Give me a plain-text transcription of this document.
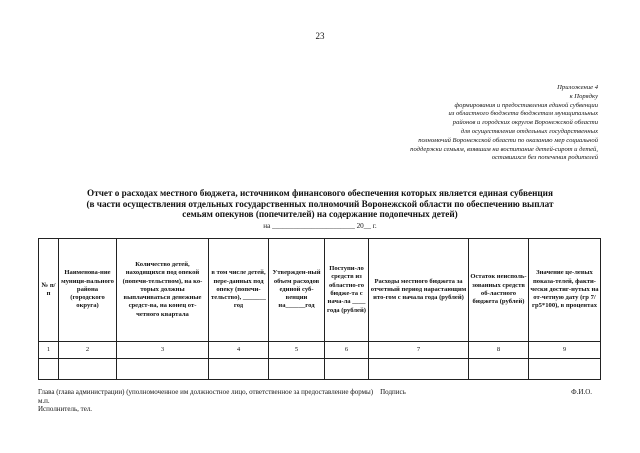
23
Приложение 4
к Порядку
формирования и предоставления единой субвенции
из областного бюджета бюджетам муниципальных
районов и городских округов Воронежской области
для осуществления отдельных государственных
полномочий Воронежской области по оказанию мер социальной
поддержки семьям, взявшим на воспитание детей-сирот и детей,
оставшихся без попечения родителей
Отчет о расходах местного бюджета, источником финансового обеспечения которых является единая субвенция
(в части осуществления отдельных государственных полномочий Воронежской области по обеспечению выплат
семьям опекунов (попечителей) на содержание подопечных детей)
на _______________________ 20__ г.
№ п/п	Наименова-ние муници-пального района (городского округа)	Количество детей, находящихся под опекой (попечи-тельством), на ко-торых должны выплачиваться денежные средст-ва, на конец от-четного квартала	в том числе детей, пере-данных под опеку (попечи-тельство), _______ год	Утвержден-ный объем расходов единой суб-венции на______год	Поступи-ло средств из областно-го бюдже-та с нача-ла ____ года (рублей)	Расходы местного бюджета за отчетный период нарастающим ито-гом с начала года (рублей)	Остаток неисполь-зованных средств об-ластного бюджета (рублей)	Значение це-левых показа-телей, факти-чески достиг-нутых на от-четную дату (гр 7/гр5*100), в процентах
1	2	3	4	5	6	7	8	9

Глава (глава администрации) (уполномоченное им должностное лицо, ответственное за предоставление формы) Подпись	Ф.И.О.
м.п.
Исполнитель, тел.
